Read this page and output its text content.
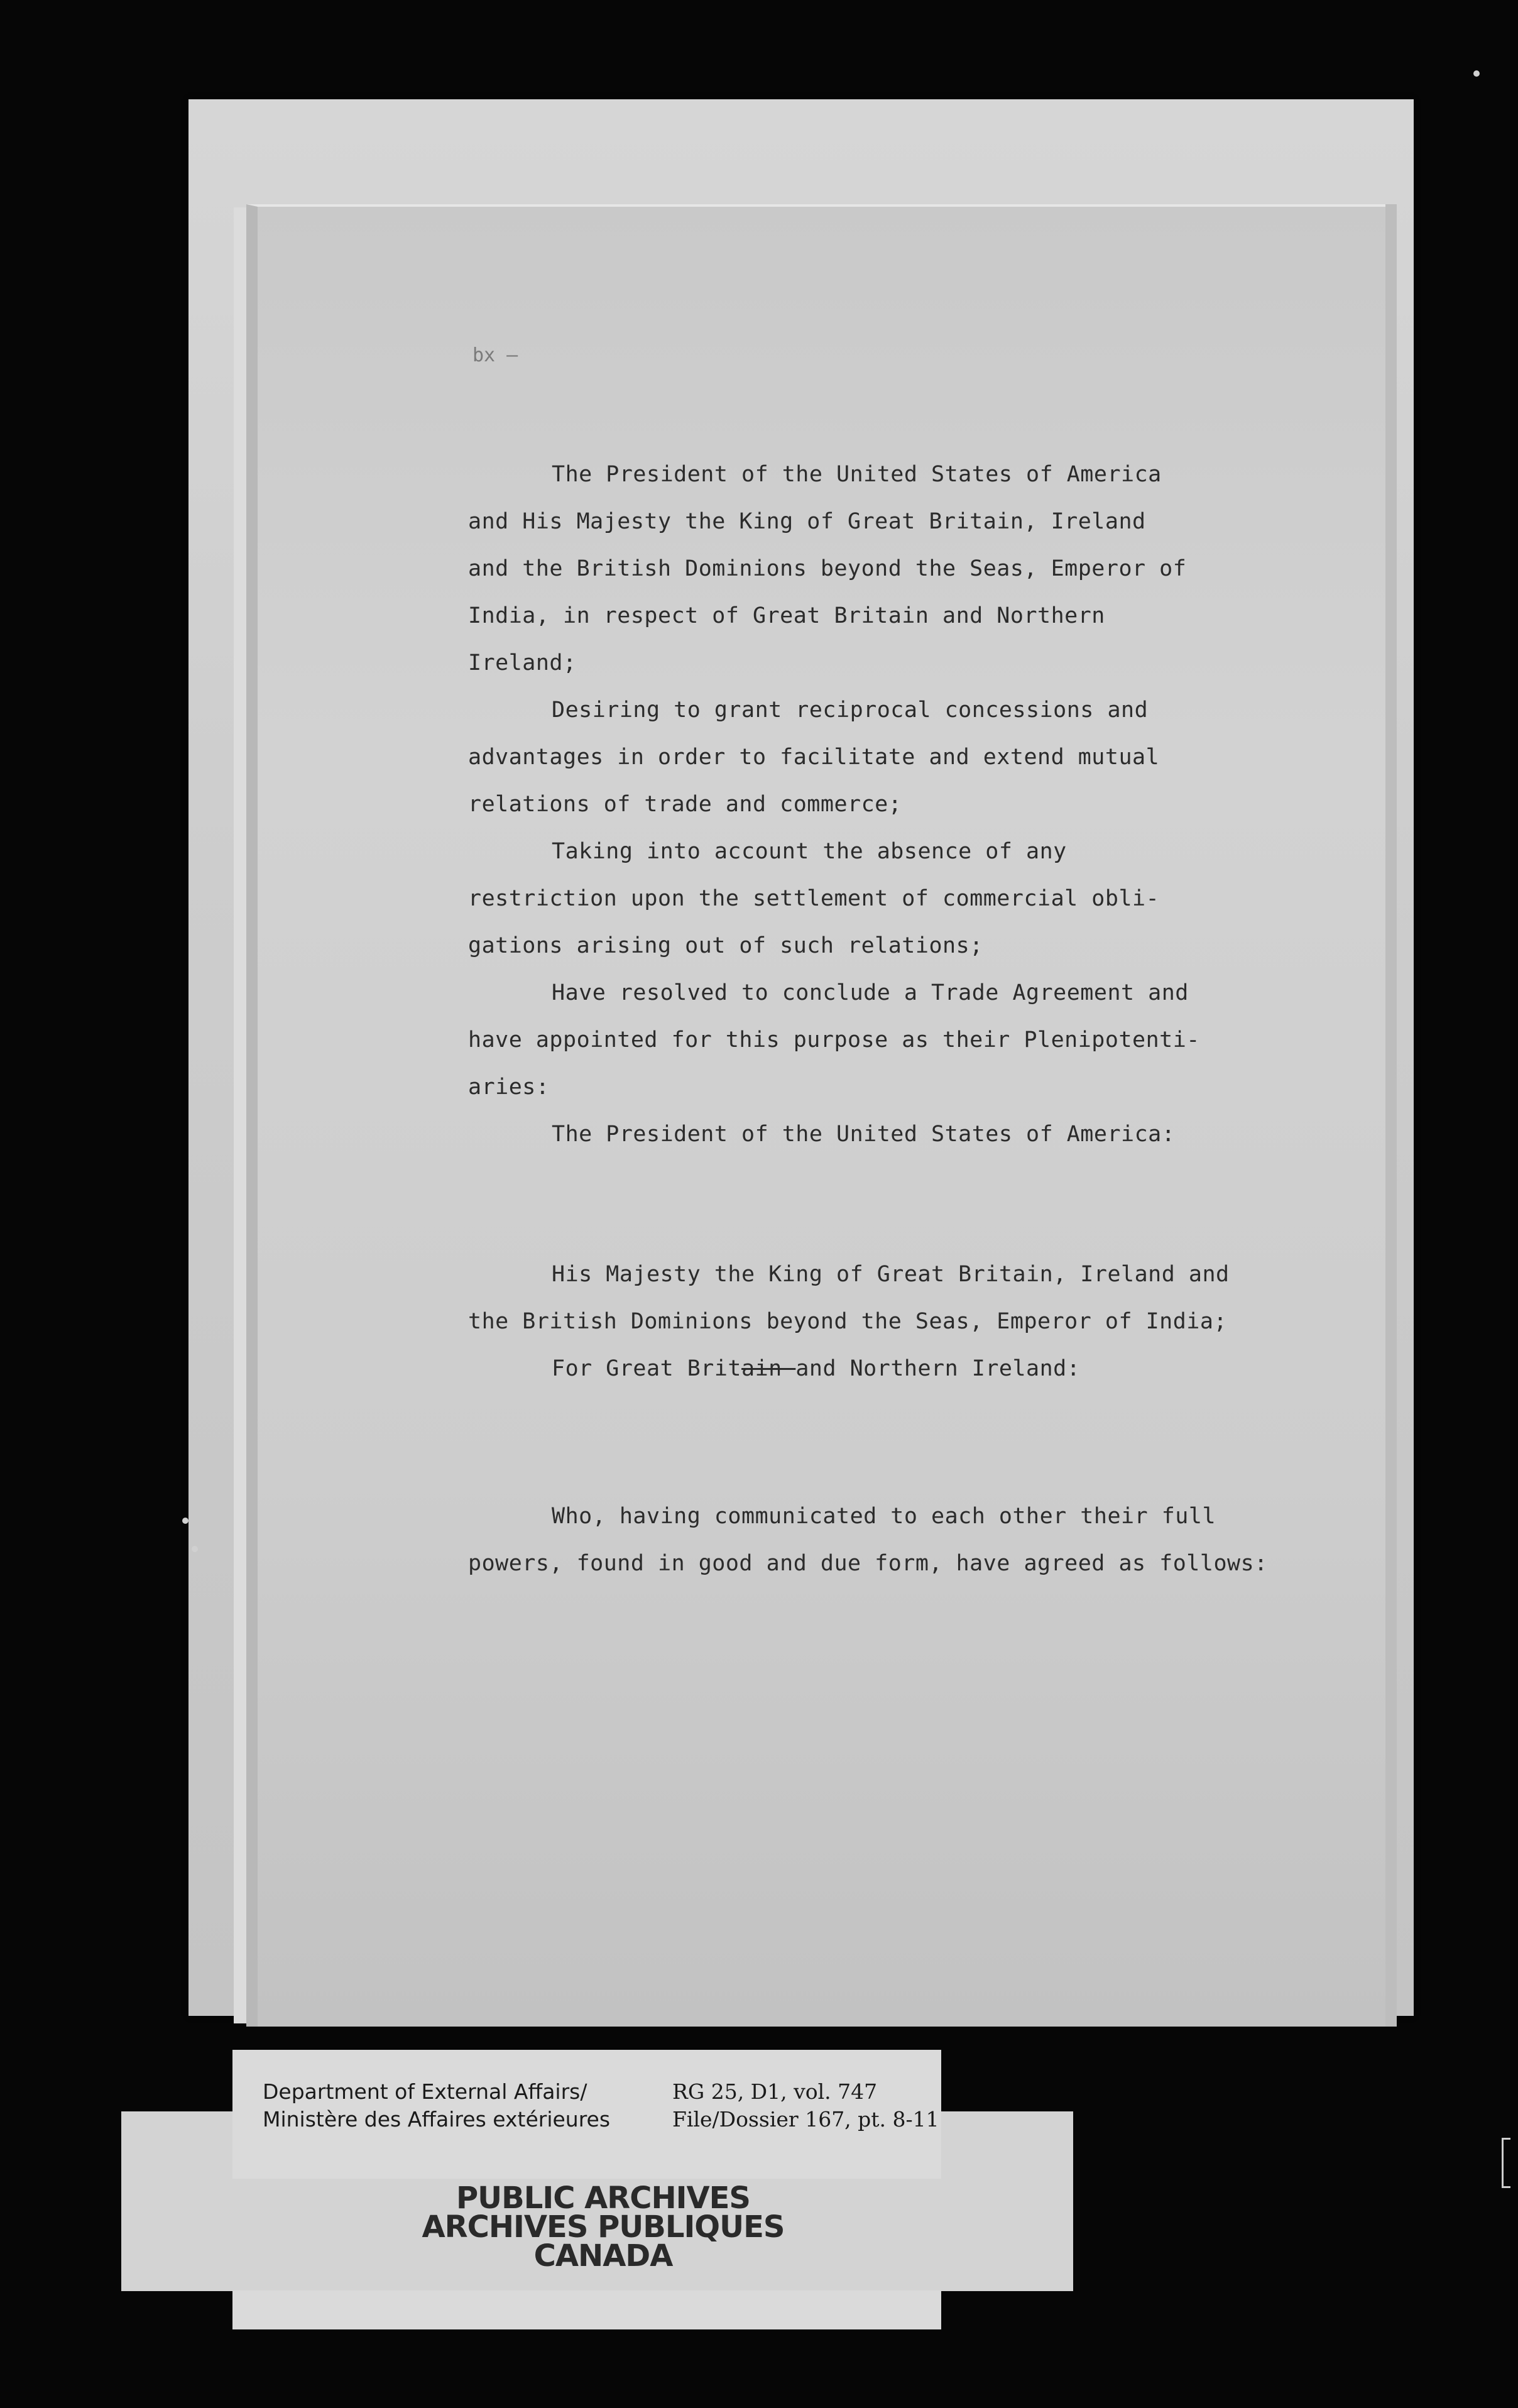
bx —
The President of the United States of America
and His Majesty the King of Great Britain, Ireland
and the British Dominions beyond the Seas, Emperor of
India, in respect of Great Britain and Northern
Ireland;
Desiring to grant reciprocal concessions and
advantages in order to facilitate and extend mutual
relations of trade and commerce;
Taking into account the absence of any
restriction upon the settlement of commercial obli-
gations arising out of such relations;
Have resolved to conclude a Trade Agreement and
have appointed for this purpose as their Plenipotenti-
aries:
The President of the United States of America:
His Majesty the King of Great Britain, Ireland and
the British Dominions beyond the Seas, Emperor of India;
For Great Britain and Northern Ireland:
Who, having communicated to each other their full
powers, found in good and due form, have agreed as follows:
Department of External Affairs/
Ministère des Affaires extérieures
RG 25, D1, vol. 747
File/Dossier 167, pt. 8-11
PUBLIC ARCHIVES
ARCHIVES PUBLIQUES
CANADA
